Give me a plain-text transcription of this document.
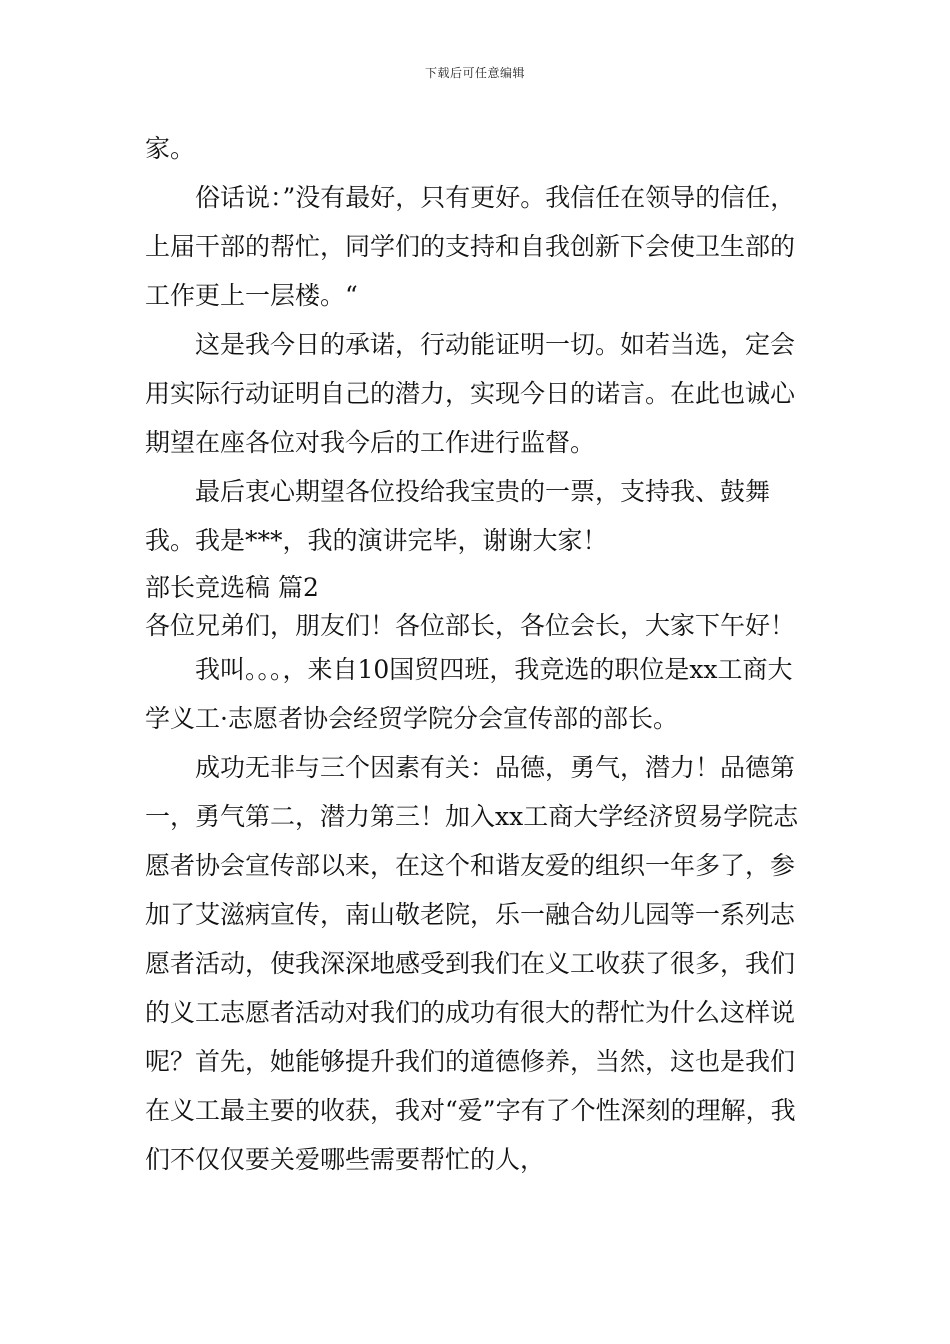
下载后可任意编辑

家。

俗话说：”没有最好，只有更好。我信任在领导的信任，上届干部的帮忙，同学们的支持和自我创新下会使卫生部的工作更上一层楼。“

这是我今日的承诺，行动能证明一切。如若当选，定会用实际行动证明自己的潜力，实现今日的诺言。在此也诚心期望在座各位对我今后的工作进行监督。

最后衷心期望各位投给我宝贵的一票，支持我、鼓舞我。我是***，我的演讲完毕，谢谢大家！

部长竞选稿 篇2

各位兄弟们，朋友们！各位部长，各位会长，大家下午好！

我叫。。。，来自10国贸四班，我竞选的职位是xx工商大学义工·志愿者协会经贸学院分会宣传部的部长。

成功无非与三个因素有关：品德，勇气，潜力！品德第一，勇气第二，潜力第三！加入xx工商大学经济贸易学院志愿者协会宣传部以来，在这个和谐友爱的组织一年多了，参加了艾滋病宣传，南山敬老院，乐一融合幼儿园等一系列志愿者活动，使我深深地感受到我们在义工收获了很多，我们的义工志愿者活动对我们的成功有很大的帮忙为什么这样说呢？首先，她能够提升我们的道德修养，当然，这也是我们在义工最主要的收获，我对“爱”字有了个性深刻的理解，我们不仅仅要关爱哪些需要帮忙的人，
